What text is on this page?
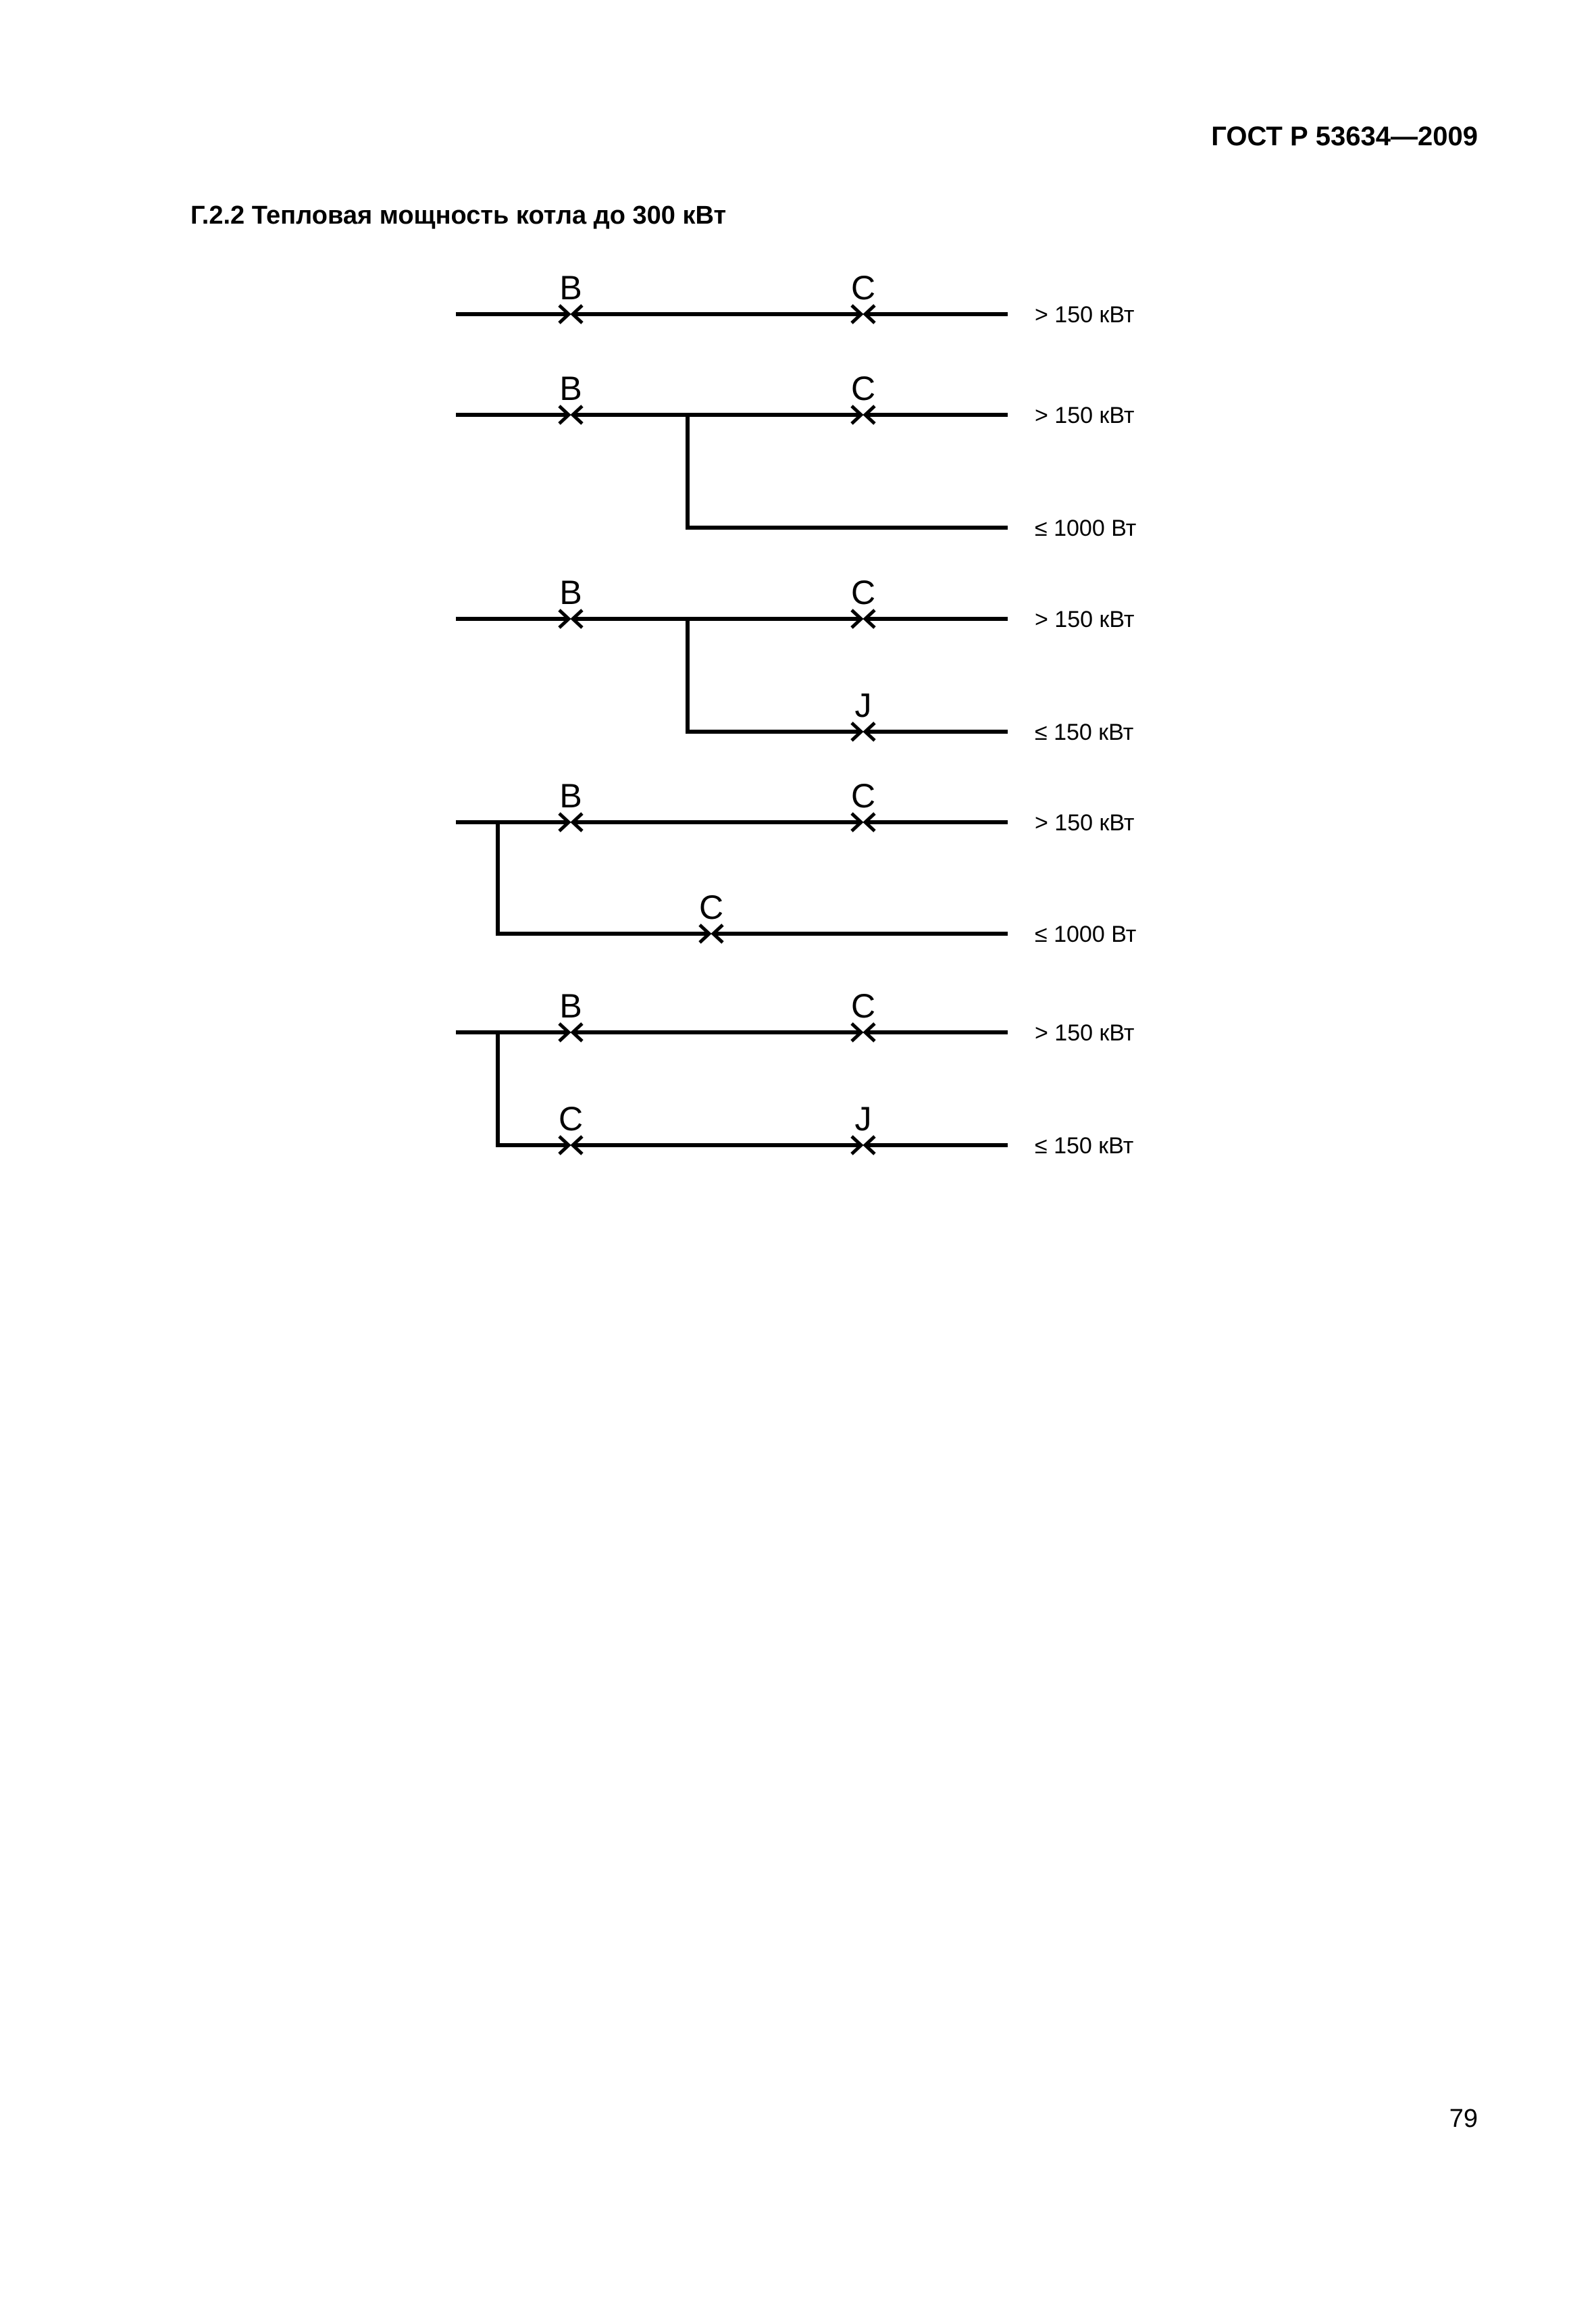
ГОСТ Р 53634—2009
Г.2.2 Тепловая мощность котла до 300 кВт
B	C
> 150 кВт
B	C
> 150 кВт
≤ 1000 Вт
B	C
> 150 кВт
J
≤ 150 кВт
B	C
> 150 кВт
C
≤ 1000 Вт
B	C
> 150 кВт
C	J
≤ 150 кВт
79
